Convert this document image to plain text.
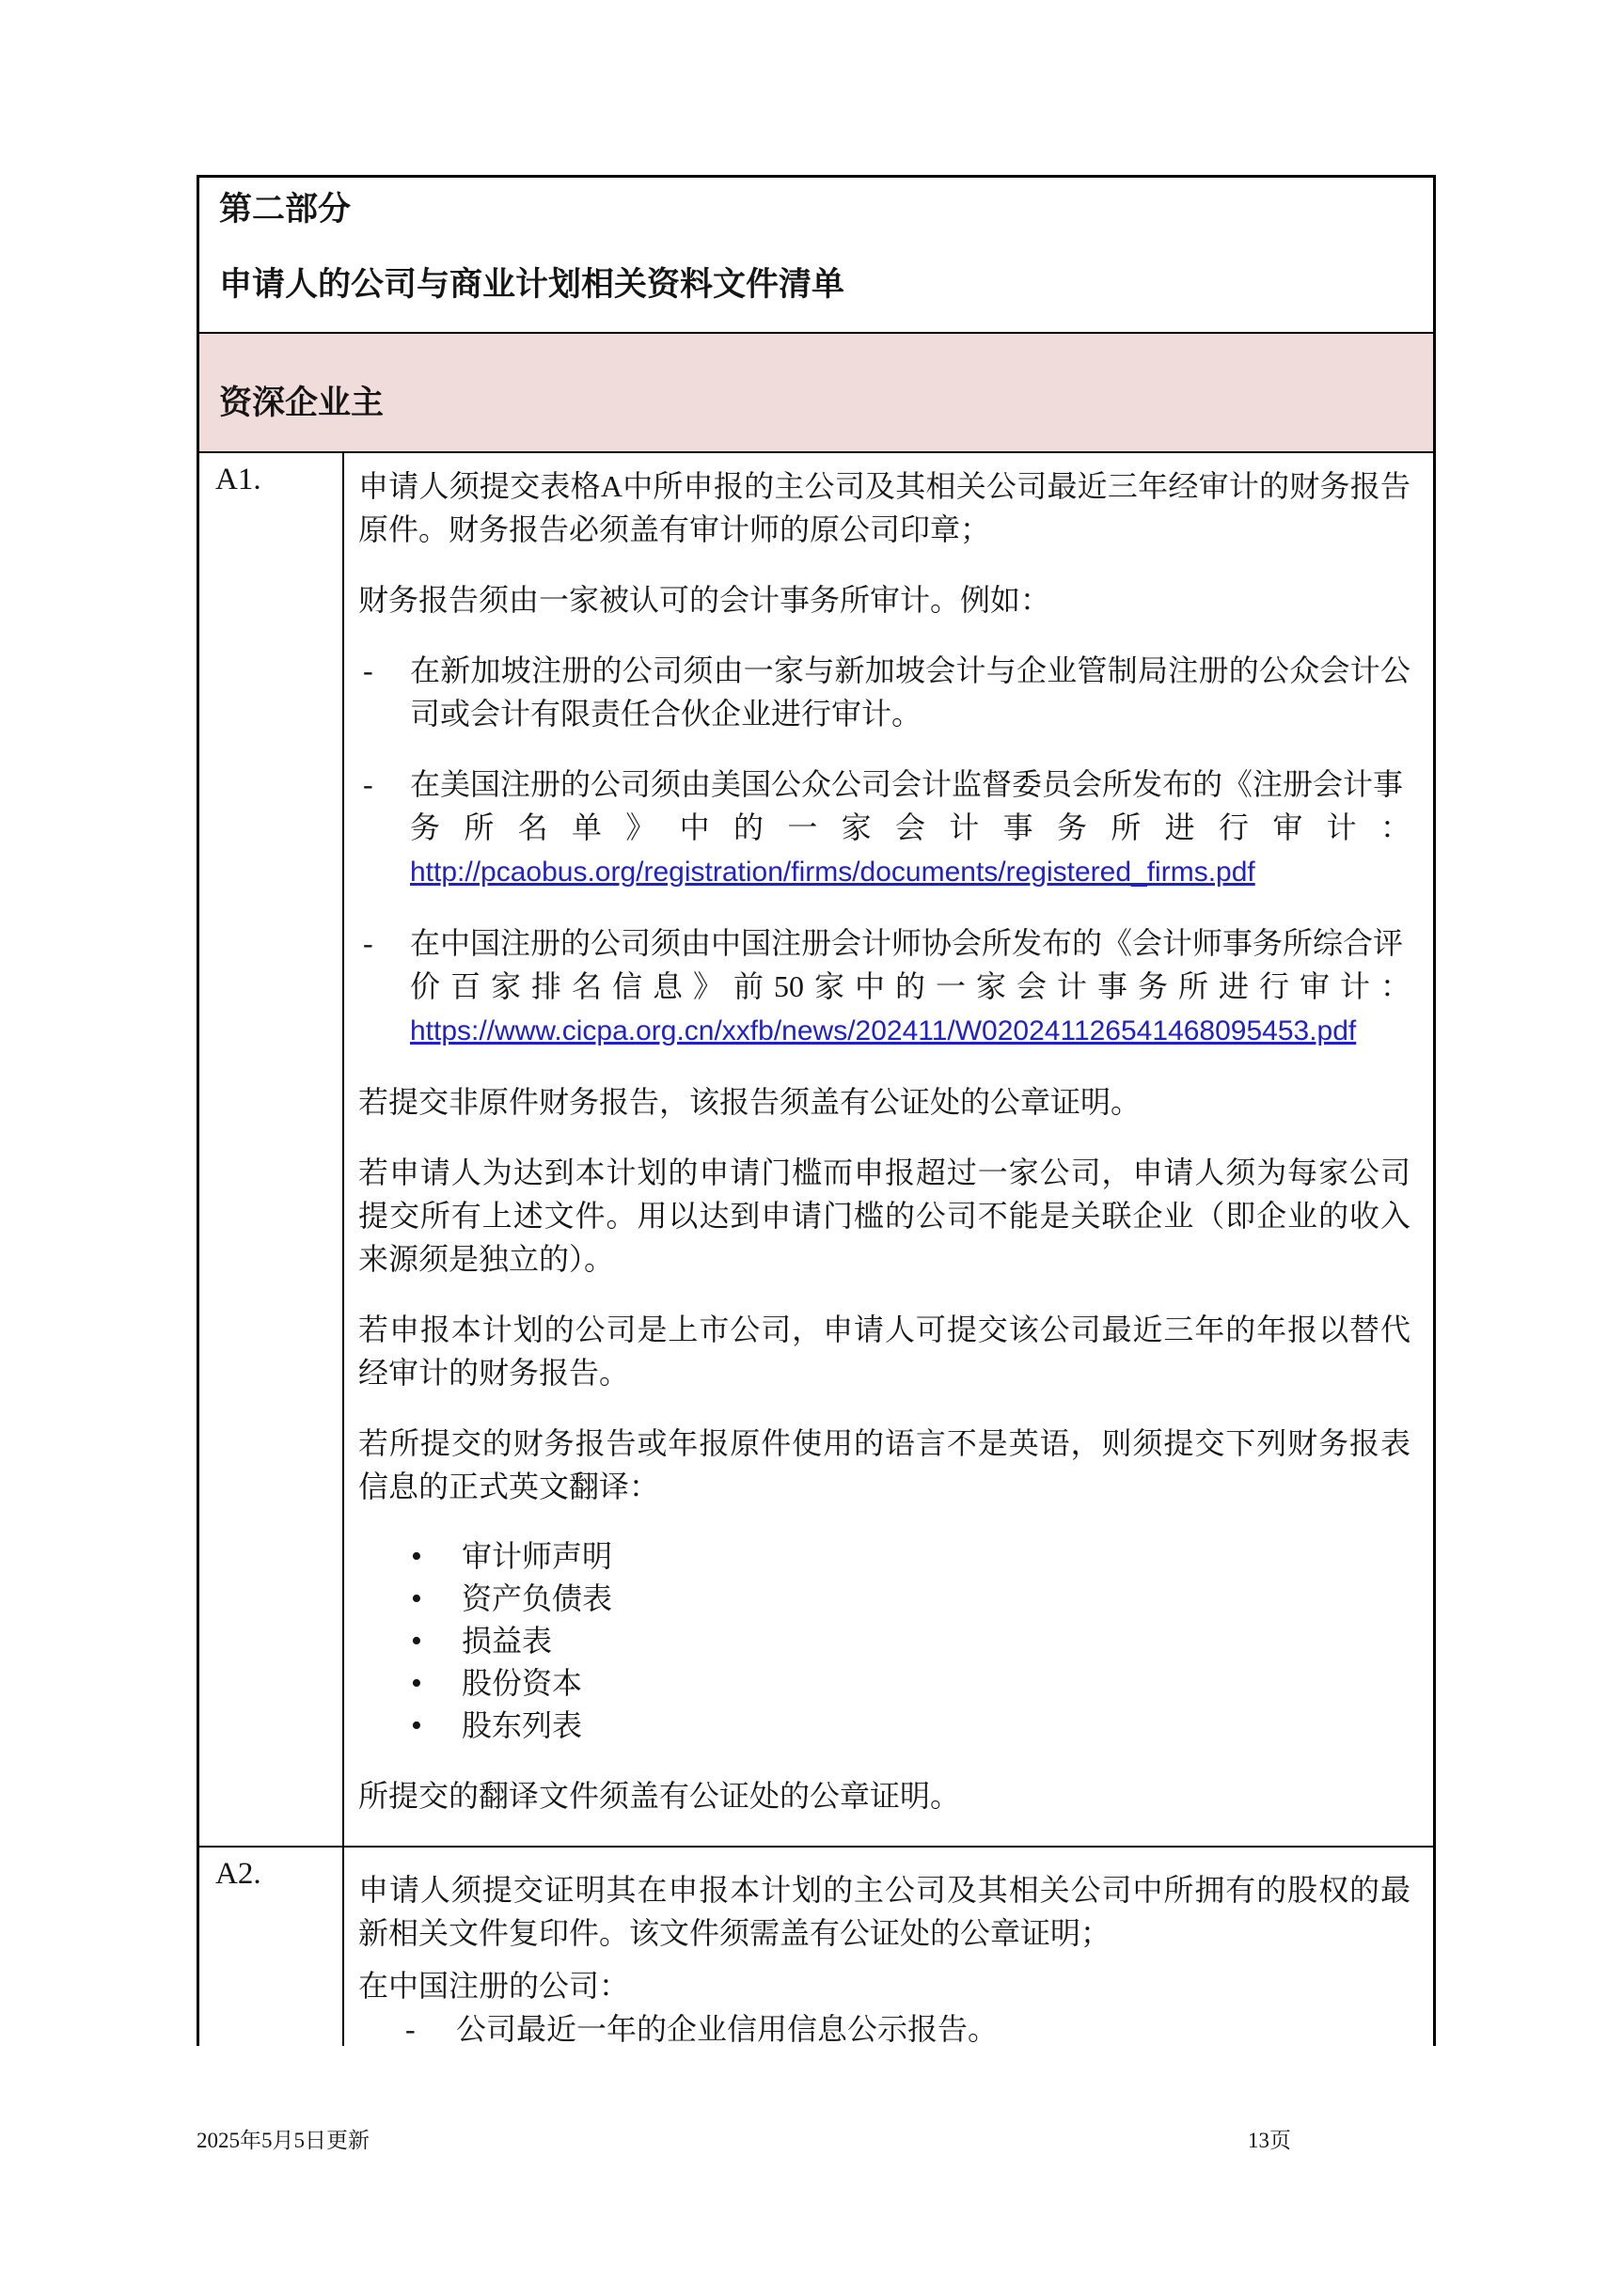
第二部分
申请人的公司与商业计划相关资料文件清单
资深企业主
A1.	申请人须提交表格A中所申报的主公司及其相关公司最近三年经审计的财务报告原件。财务报告必须盖有审计师的原公司印章；
财务报告须由一家被认可的会计事务所审计。例如：
-	在新加坡注册的公司须由一家与新加坡会计与企业管制局注册的公众会计公司或会计有限责任合伙企业进行审计。
-	在美国注册的公司须由美国公众公司会计监督委员会所发布的《注册会计事
务所名单》中的一家会计事务所进行审计：
http://pcaobus.org/registration/firms/documents/registered_firms.pdf
-	在中国注册的公司须由中国注册会计师协会所发布的《会计师事务所综合评
价百家排名信息》前50家中的一家会计事务所进行审计：
https://www.cicpa.org.cn/xxfb/news/202411/W020241126541468095453.pdf
若提交非原件财务报告，该报告须盖有公证处的公章证明。
若申请人为达到本计划的申请门槛而申报超过一家公司，申请人须为每家公司提交所有上述文件。用以达到申请门槛的公司不能是关联企业（即企业的收入来源须是独立的）。
若申报本计划的公司是上市公司，申请人可提交该公司最近三年的年报以替代经审计的财务报告。
若所提交的财务报告或年报原件使用的语言不是英语，则须提交下列财务报表信息的正式英文翻译：
•	审计师声明
•	资产负债表
•	损益表
•	股份资本
•	股东列表
所提交的翻译文件须盖有公证处的公章证明。
A2.	申请人须提交证明其在申报本计划的主公司及其相关公司中所拥有的股权的最新相关文件复印件。该文件须需盖有公证处的公章证明；
在中国注册的公司：
-	公司最近一年的企业信用信息公示报告。
2025年5月5日更新	13页
